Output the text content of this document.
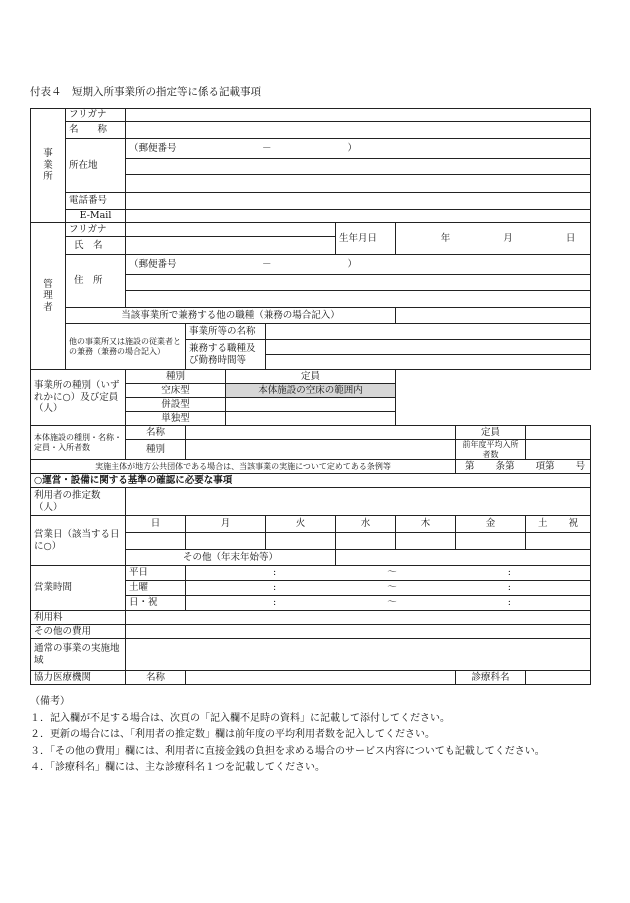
付表４　短期入所事業所の指定等に係る記載事項
事
業
所	フリガナ								
	名　　称								
	所在地	（郵便番号　　　　　　　　　－　　　　　　　　）							

	電話番号								
	E-Mail								

管
理
者	フリガナ					生年月日	年 月 日		
	氏　名								
	住　所	（郵便番号　　　　　　　　　－　　　　　　　　）							

	当該事業所で兼務する他の職種（兼務の場合記入）								
	他の事業所又は施設の従業者との兼務（兼務の場合記入）		事業所等の名称						
			兼務する職種及び勤務時間等						

事業所の種別（いずれかに○）及び定員（人）		種別		定員					
		空床型		本体施設の空床の範囲内					
		併設型							
		単独型							
本体施設の種別・名称・定員・入所者数		名称						定員	
		種別						前年度平均入所者数	
実施主体が地方公共団体である場合は、当該事業の実施について定めてある条例等								第 条第 項第 号	
○運営・設備に関する基準の確認に必要な事項									
利用者の推定数（人）									
営業日（該当する日に○）		日	月		火	水	木	金	土 祝

		その他（年末年始等）							
営業時間		平日	: ～ :						
		土曜	: ～ :						
		日・祝	: ～ :						
利用料									
その他の費用									
通常の事業の実施地域									
協力医療機関		名称						診療科名	
（備考）
１．記入欄が不足する場合は、次頁の「記入欄不足時の資料」に記載して添付してください。
２．更新の場合には、「利用者の推定数」欄は前年度の平均利用者数を記入してください。
３．「その他の費用」欄には、利用者に直接金銭の負担を求める場合のサービス内容についても記載してください。
４．「診療科名」欄には、主な診療科名１つを記載してください。
